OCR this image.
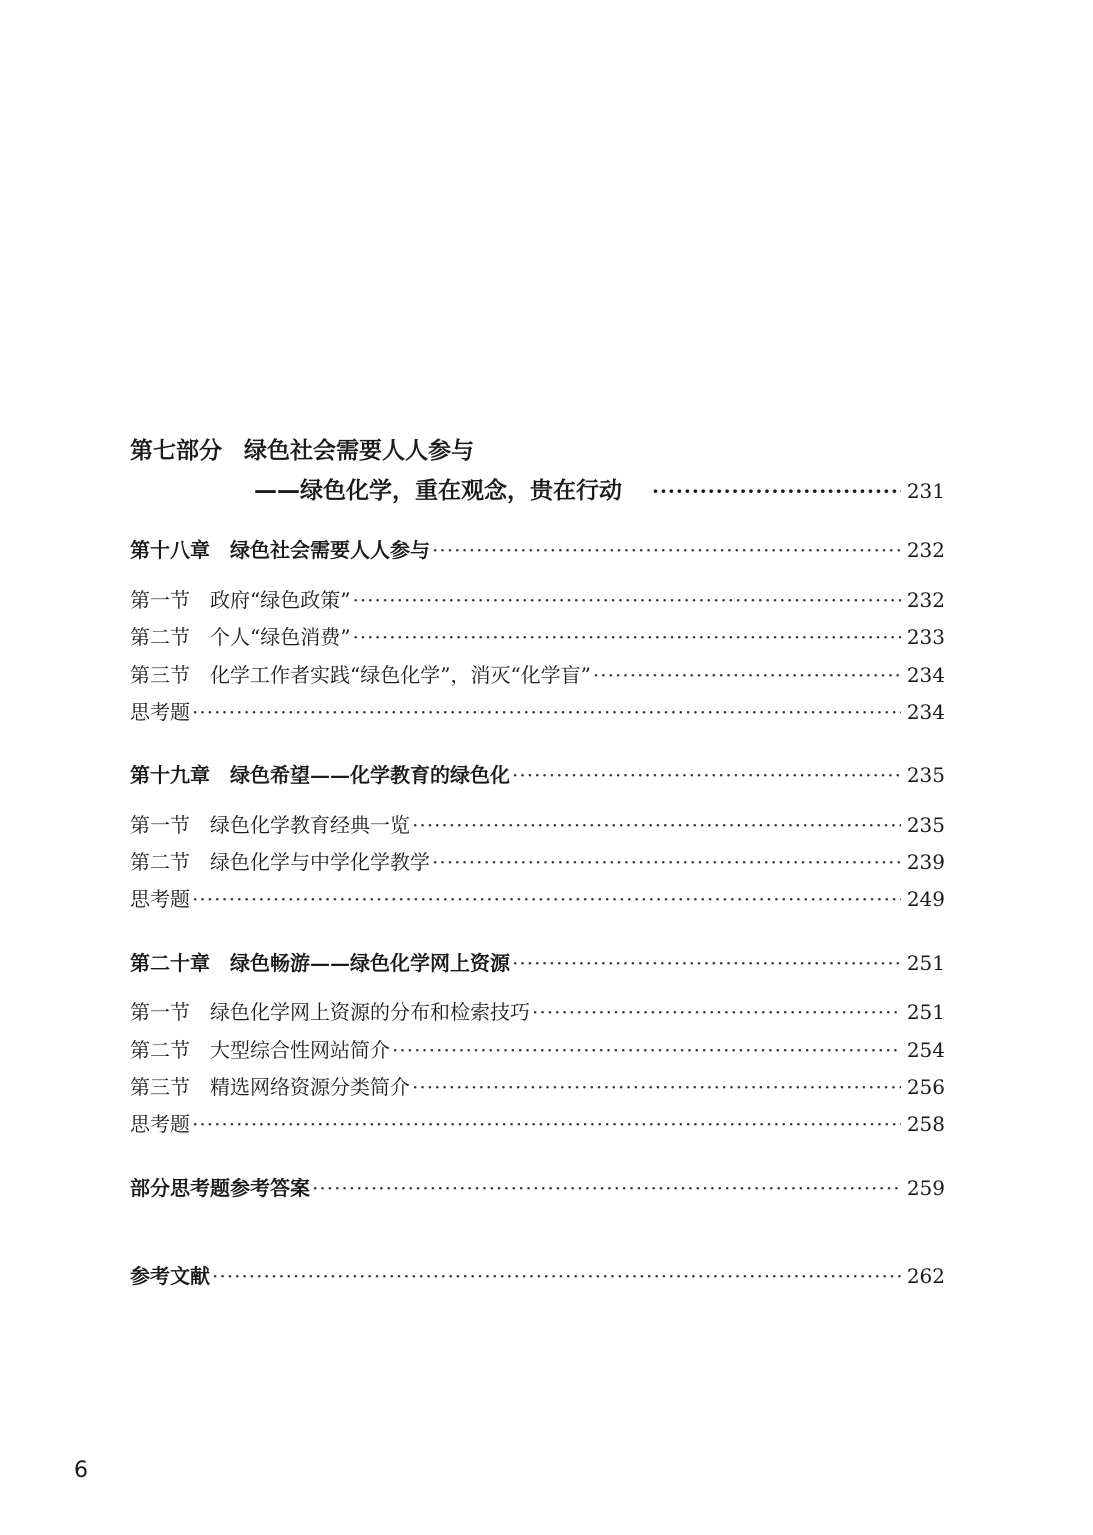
第七部分 绿色社会需要人人参与
——绿色化学，重在观念，贵在行动 ·····	231
第十八章 绿色社会需要人人参与 ·····	232
第一节 政府“绿色政策” ·····	232
第二节 个人“绿色消费” ·····	233
第三节 化学工作者实践“绿色化学”，消灭“化学盲” ·····	234
思考题 ·····	234
第十九章 绿色希望——化学教育的绿色化 ·····	235
第一节 绿色化学教育经典一览 ·····	235
第二节 绿色化学与中学化学教学 ·····	239
思考题 ·····	249
第二十章 绿色畅游——绿色化学网上资源 ·····	251
第一节 绿色化学网上资源的分布和检索技巧 ·····	251
第二节 大型综合性网站简介 ·····	254
第三节 精选网络资源分类简介 ·····	256
思考题 ·····	258
部分思考题参考答案 ·····	259
参考文献 ·····	262
6
